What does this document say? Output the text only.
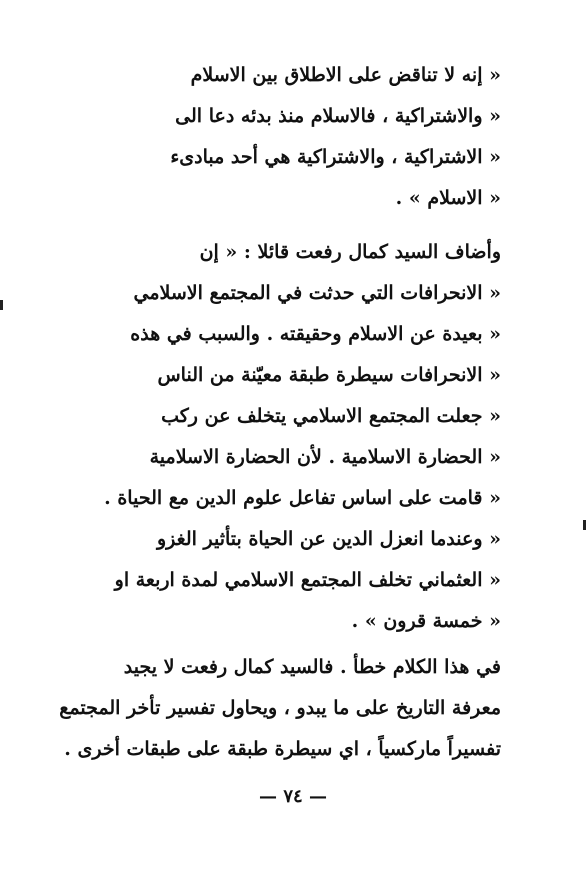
« إنه لا تناقض على الاطلاق بين الاسلام
« والاشتراكية ، فالاسلام منذ بدئه دعا الى
« الاشتراكية ، والاشتراكية هي أحد مبادىء
« الاسلام » .
وأضاف السيد كمال رفعت قائلا : « إن
« الانحرافات التي حدثت في المجتمع الاسلامي
« بعيدة عن الاسلام وحقيقته . والسبب في هذه
« الانحرافات سيطرة طبقة معيّنة من الناس
« جعلت المجتمع الاسلامي يتخلف عن ركب
« الحضارة الاسلامية . لأن الحضارة الاسلامية
« قامت على اساس تفاعل علوم الدين مع الحياة .
« وعندما انعزل الدين عن الحياة بتأثير الغزو
« العثماني تخلف المجتمع الاسلامي لمدة اربعة او
« خمسة قرون » .
في هذا الكلام خطأ . فالسيد كمال رفعت لا يجيد
معرفة التاريخ على ما يبدو ، ويحاول تفسير تأخر المجتمع
تفسيراً ماركسياً ، اي سيطرة طبقة على طبقات أخرى .
— ٧٤ —
